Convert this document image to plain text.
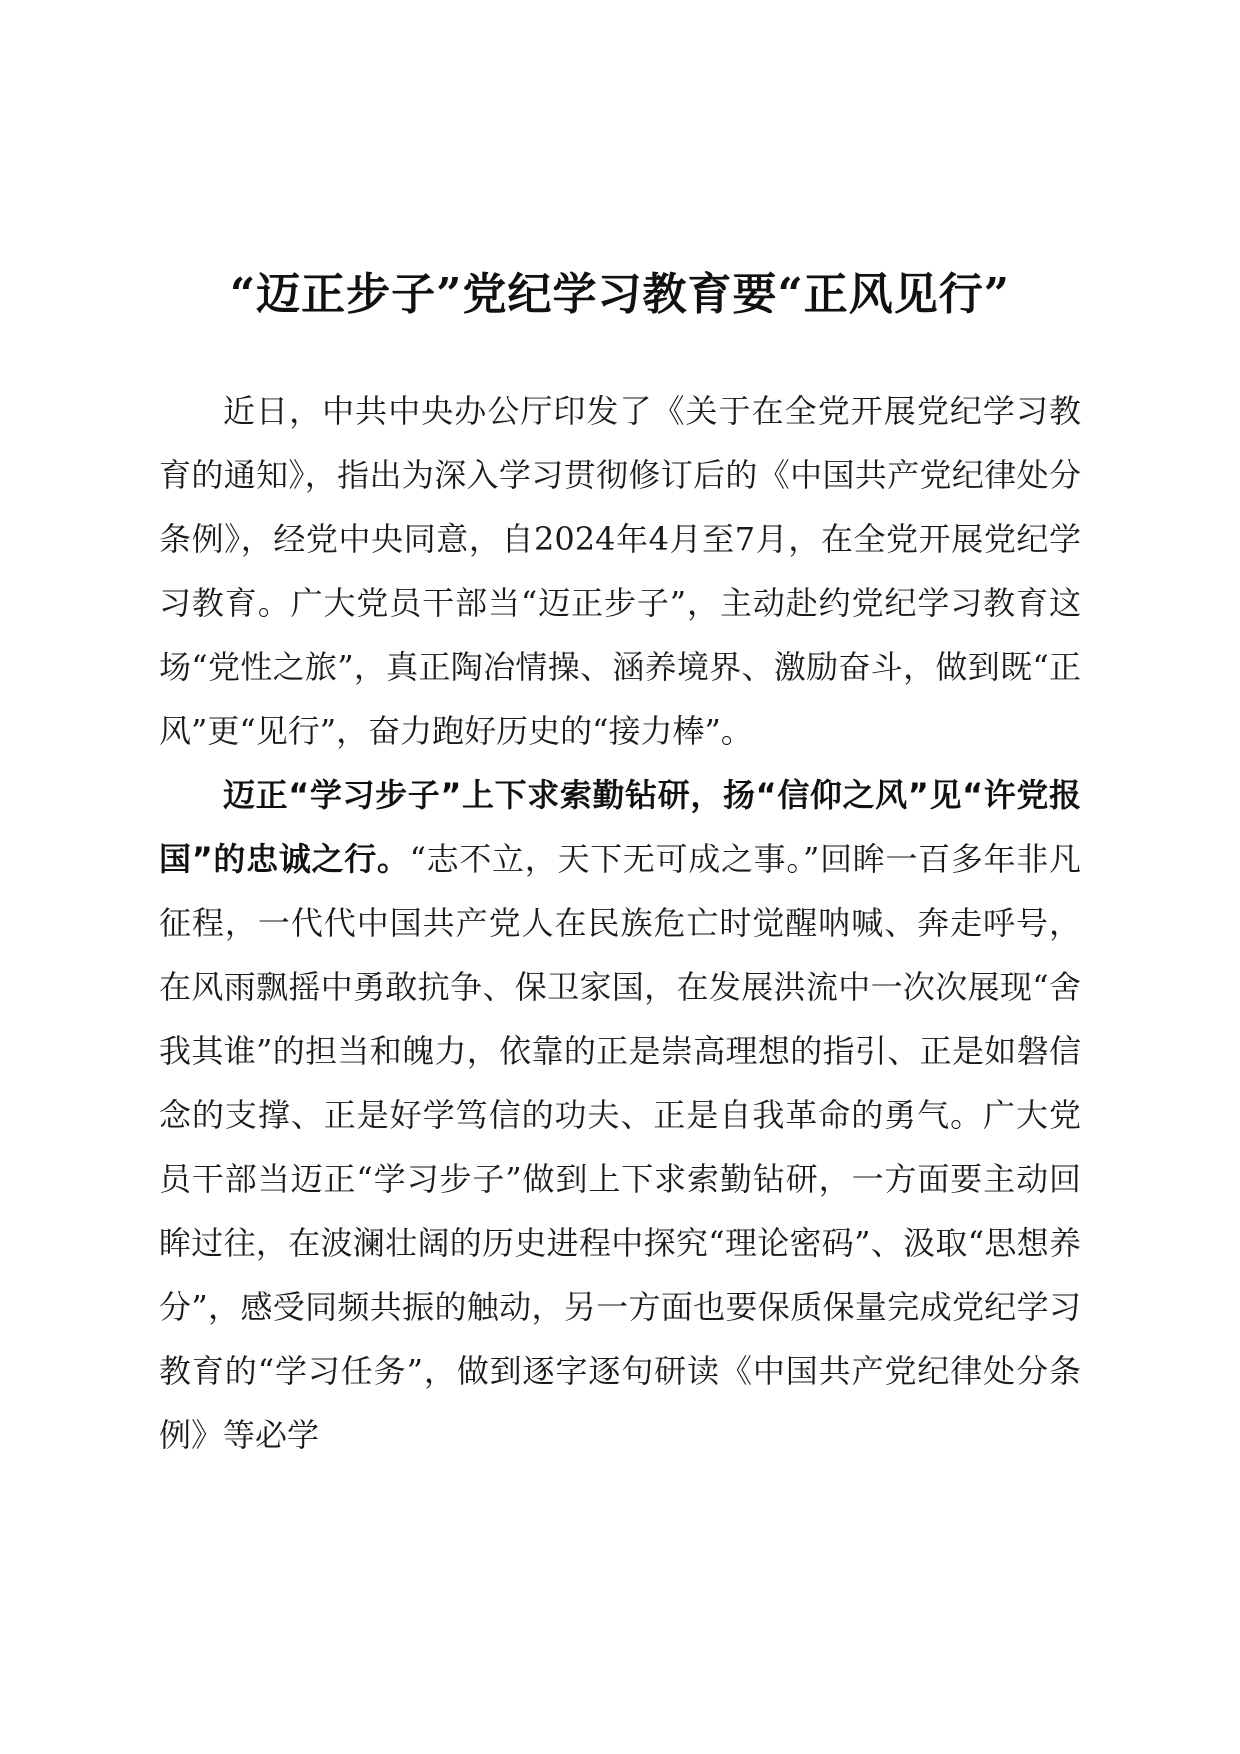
“迈正步子”党纪学习教育要“正风见行”

近日，中共中央办公厅印发了《关于在全党开展党纪学习教育的通知》，指出为深入学习贯彻修订后的《中国共产党纪律处分条例》，经党中央同意，自2024年4月至7月，在全党开展党纪学习教育。广大党员干部当“迈正步子”，主动赴约党纪学习教育这场“党性之旅”，真正陶冶情操、涵养境界、激励奋斗，做到既“正风”更“见行”，奋力跑好历史的“接力棒”。

迈正“学习步子”上下求索勤钻研，扬“信仰之风”见“许党报国”的忠诚之行。“志不立，天下无可成之事。”回眸一百多年非凡征程，一代代中国共产党人在民族危亡时觉醒呐喊、奔走呼号，在风雨飘摇中勇敢抗争、保卫家国，在发展洪流中一次次展现“舍我其谁”的担当和魄力，依靠的正是崇高理想的指引、正是如磐信念的支撑、正是好学笃信的功夫、正是自我革命的勇气。广大党员干部当迈正“学习步子”做到上下求索勤钻研，一方面要主动回眸过往，在波澜壮阔的历史进程中探究“理论密码”、汲取“思想养分”，感受同频共振的触动，另一方面也要保质保量完成党纪学习教育的“学习任务”，做到逐字逐句研读《中国共产党纪律处分条例》等必学
